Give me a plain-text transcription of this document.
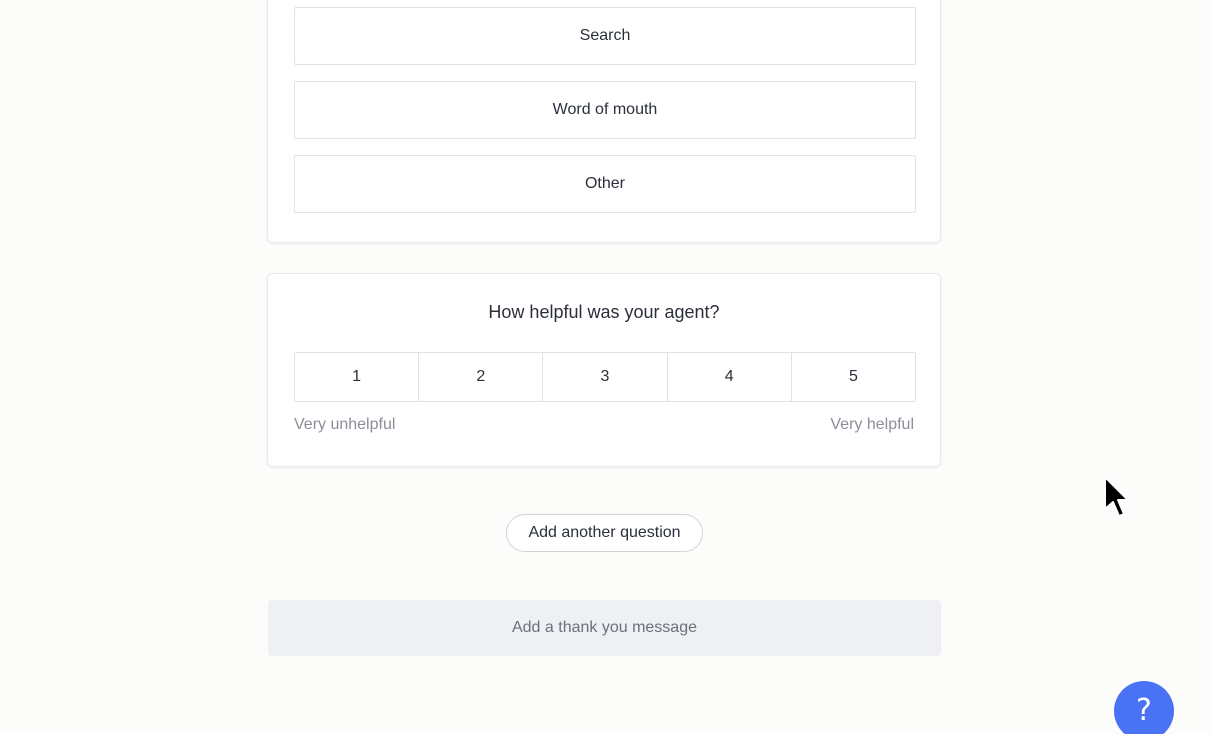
Search
Word of mouth
Other
How helpful was your agent?
1	2	3	4	5
Very unhelpful	Very helpful
Add another question
Add a thank you message
?
